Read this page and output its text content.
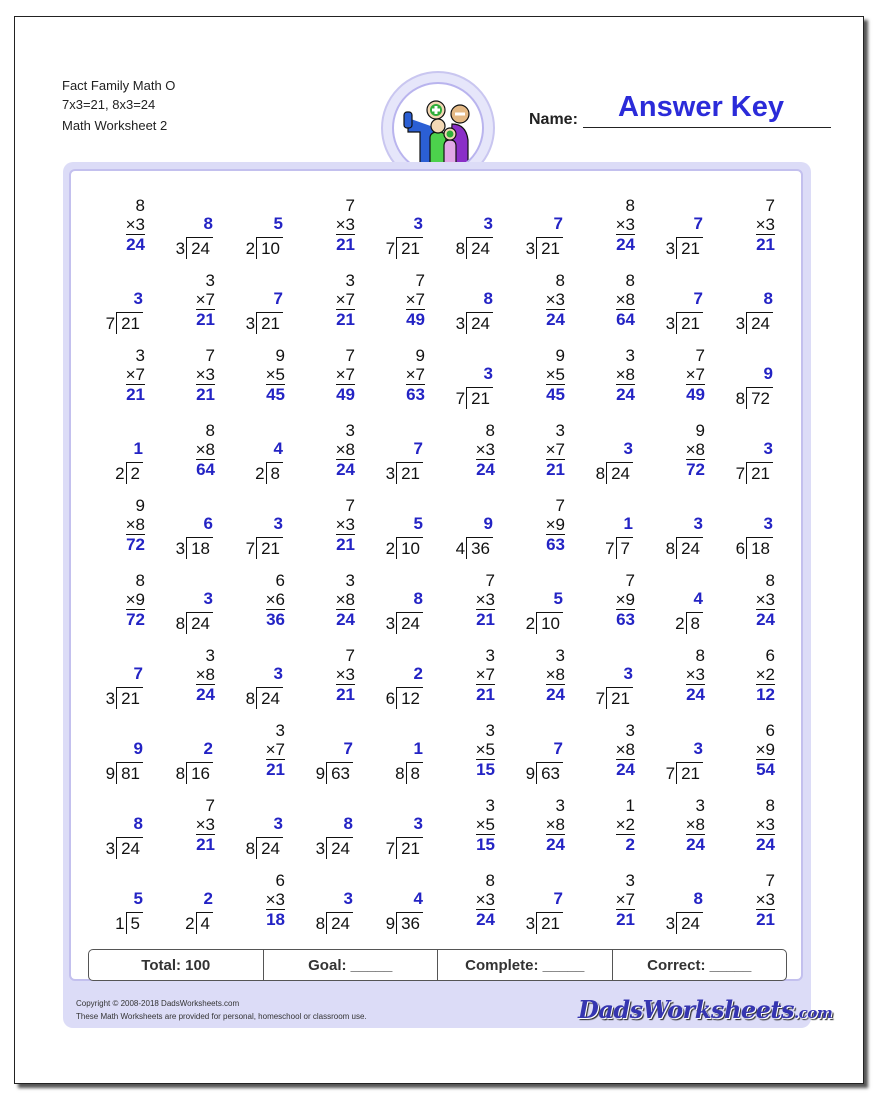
Fact Family Math O
7x3=21, 8x3=24
Math Worksheet 2	Name:	Answer Key
8
×3
24
8
3 24
5
2 10
7
×3
21
3
7 21
3
8 24
7
3 21
8
×3
24
7
3 21
7
×3
21
3
7 21
3
×7
21
7
3 21
3
×7
21
7
×7
49
8
3 24
8
×3
24
8
×8
64
7
3 21
8
3 24
3
×7
21
7
×3
21
9
×5
45
7
×7
49
9
×7
63
3
7 21
9
×5
45
3
×8
24
7
×7
49
9
8 72
1
2 2
8
×8
64
4
2 8
3
×8
24
7
3 21
8
×3
24
3
×7
21
3
8 24
9
×8
72
3
7 21
9
×8
72
6
3 18
3
7 21
7
×3
21
5
2 10
9
4 36
7
×9
63
1
7 7
3
8 24
3
6 18
8
×9
72
3
8 24
6
×6
36
3
×8
24
8
3 24
7
×3
21
5
2 10
7
×9
63
4
2 8
8
×3
24
7
3 21
3
×8
24
3
8 24
7
×3
21
2
6 12
3
×7
21
3
×8
24
3
7 21
8
×3
24
6
×2
12
9
9 81
2
8 16
3
×7
21
7
9 63
1
8 8
3
×5
15
7
9 63
3
×8
24
3
7 21
6
×9
54
8
3 24
7
×3
21
3
8 24
8
3 24
3
7 21
3
×5
15
3
×8
24
1
×2
2
3
×8
24
8
×3
24
5
1 5
2
2 4
6
×3
18
3
8 24
4
9 36
8
×3
24
7
3 21
3
×7
21
8
3 24
7
×3
21
Total: 100	Goal: _____	Complete: _____	Correct: _____
Copyright © 2008-2018 DadsWorksheets.com
These Math Worksheets are provided for personal, homeschool or classroom use.	DadsWorksheets.com
